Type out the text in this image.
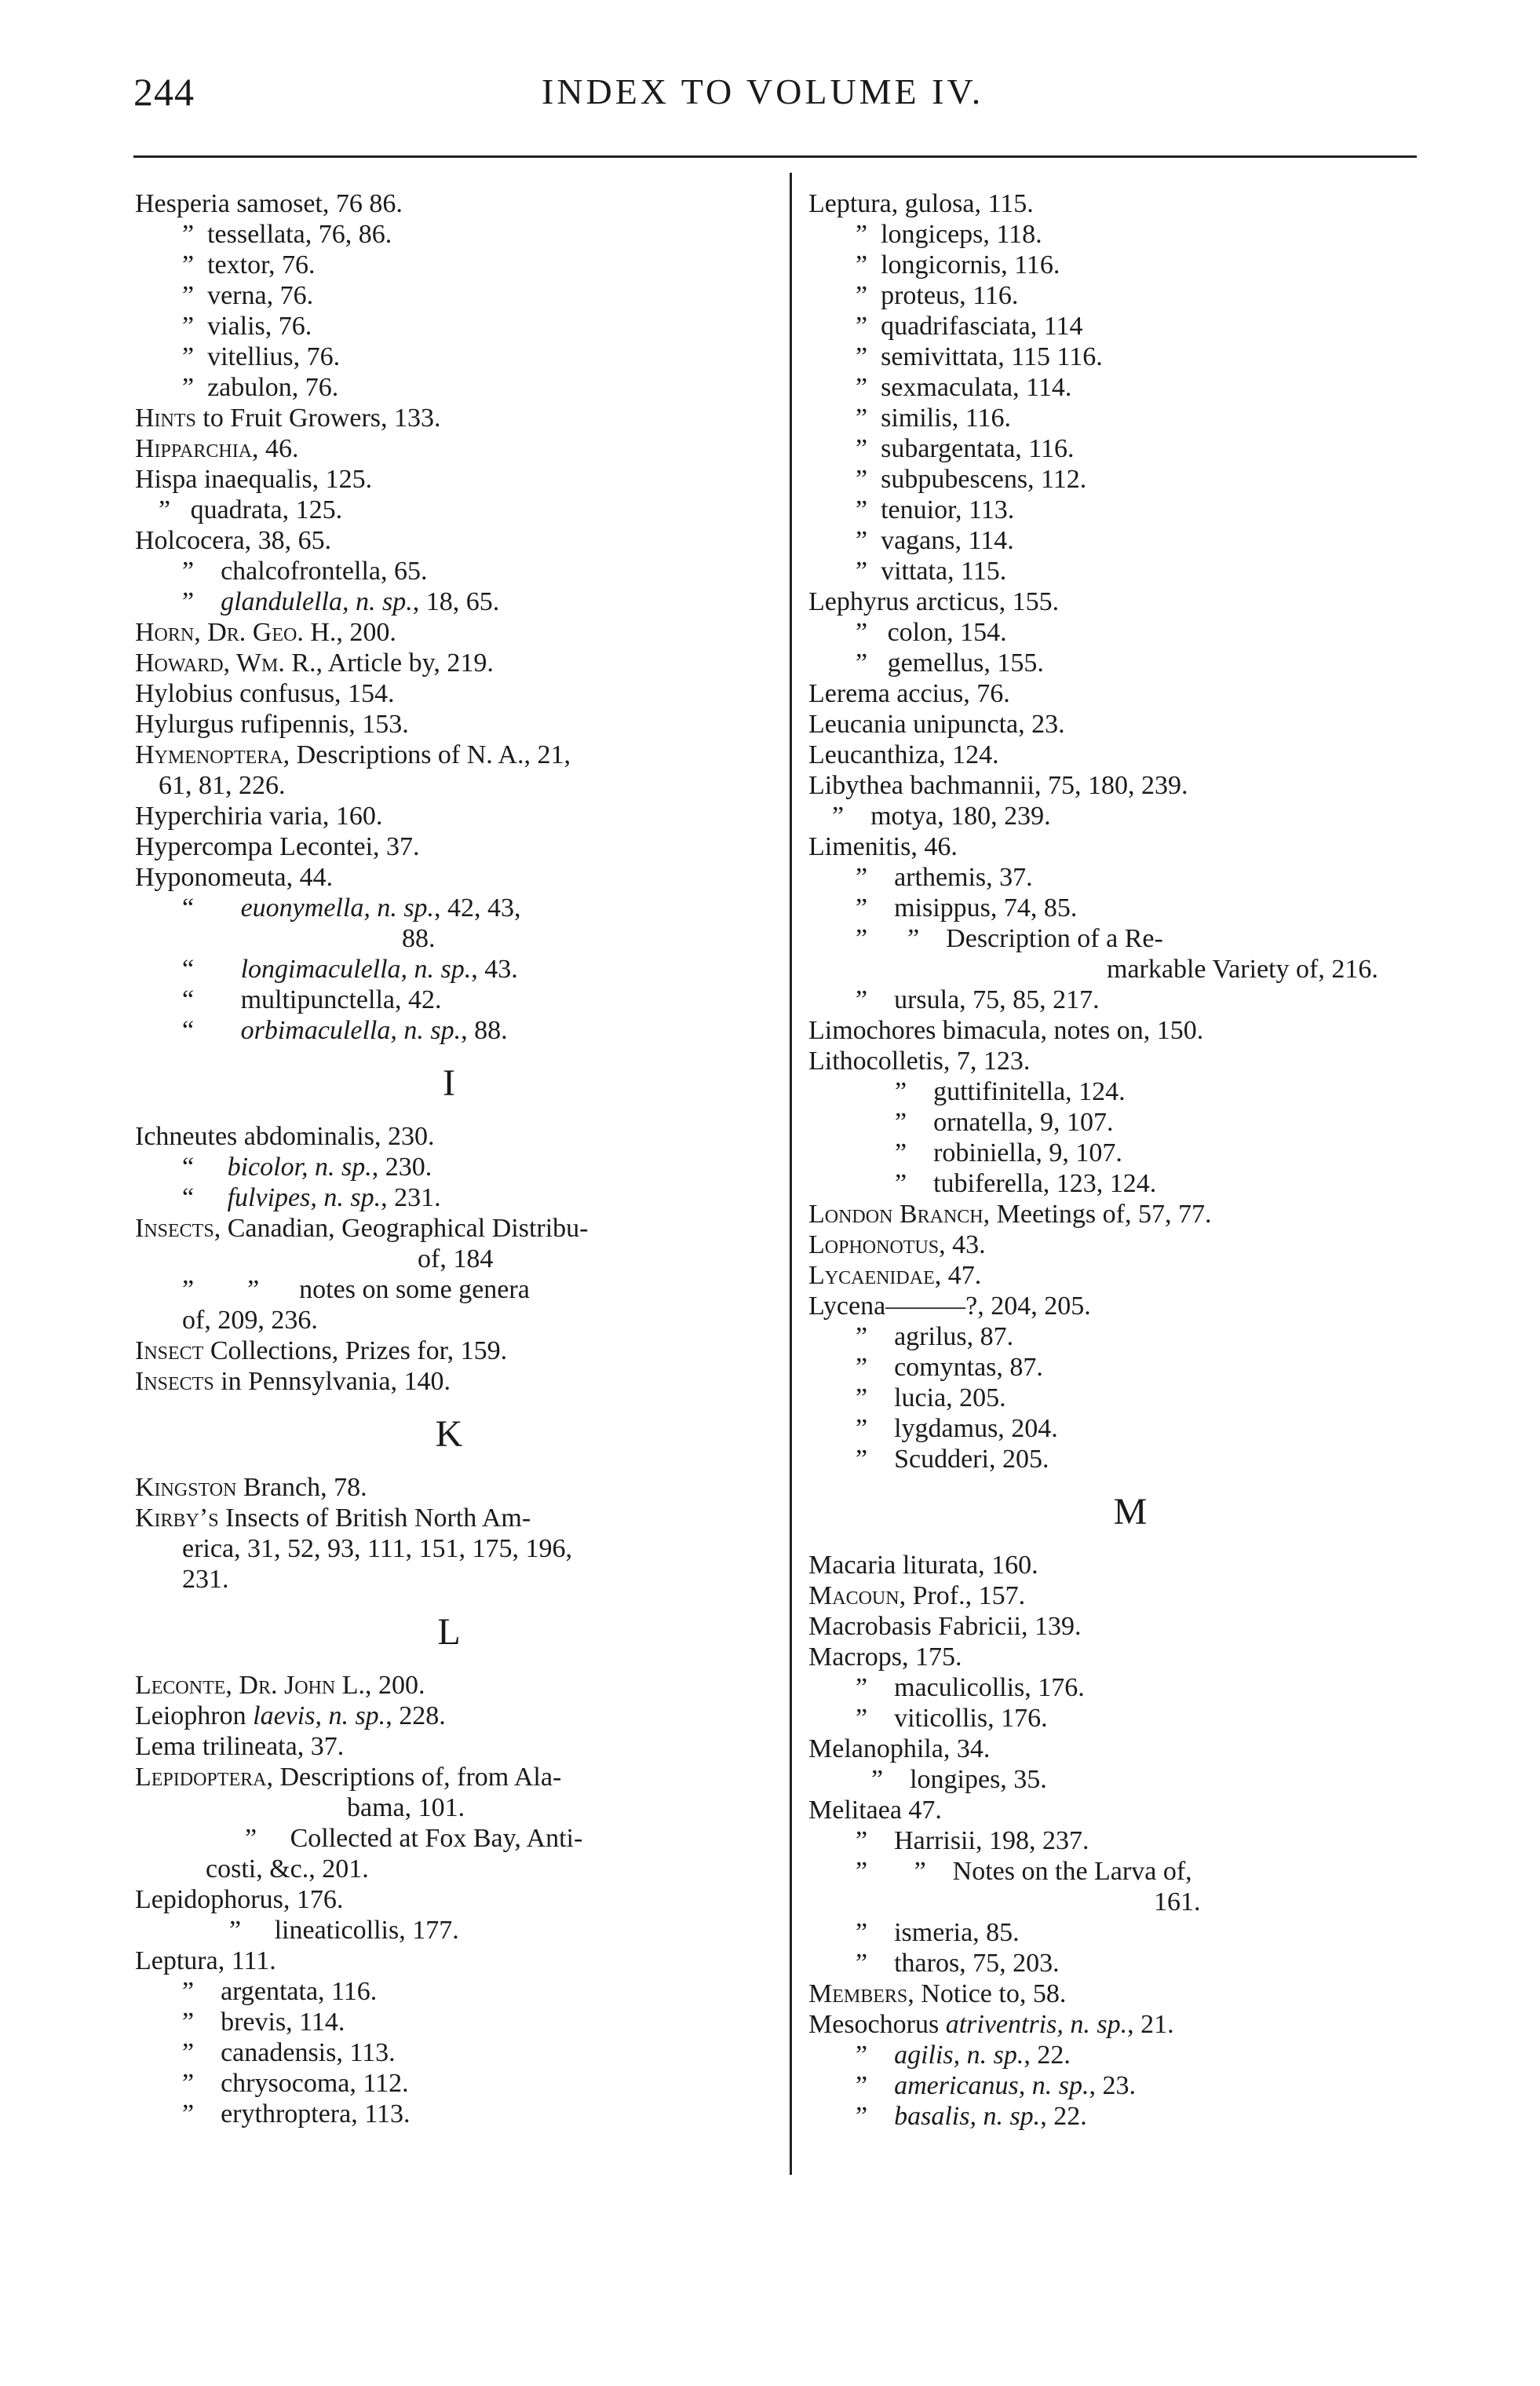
244	INDEX TO VOLUME IV.
Hesperia samoset, 76 86.
”  tessellata, 76, 86.
”  textor, 76.
”  verna, 76.
”  vialis, 76.
”  vitellius, 76.
”  zabulon, 76.
Hints to Fruit Growers, 133.
Hipparchia, 46.
Hispa inaequalis, 125.
”   quadrata, 125.
Holcocera, 38, 65.
”    chalcofrontella, 65.
”    glandulella, n. sp., 18, 65.
Horn, Dr. Geo. H., 200.
Howard, Wm. R., Article by, 219.
Hylobius confusus, 154.
Hylurgus rufipennis, 153.
Hymenoptera, Descriptions of N. A., 21,
61, 81, 226.
Hyperchiria varia, 160.
Hypercompa Lecontei, 37.
Hyponomeuta, 44.
“       euonymella, n. sp., 42, 43,
88.
“       longimaculella, n. sp., 43.
“       multipunctella, 42.
“       orbimaculella, n. sp., 88.
I
Ichneutes abdominalis, 230.
“     bicolor, n. sp., 230.
“     fulvipes, n. sp., 231.
Insects, Canadian, Geographical Distribu-
of, 184
”        ”      notes on some genera
of, 209, 236.
Insect Collections, Prizes for, 159.
Insects in Pennsylvania, 140.
K
Kingston Branch, 78.
Kirby’s Insects of British North Am-
erica, 31, 52, 93, 111, 151, 175, 196,
231.
L
Leconte, Dr. John L., 200.
Leiophron laevis, n. sp., 228.
Lema trilineata, 37.
Lepidoptera, Descriptions of, from Ala-
bama, 101.
”     Collected at Fox Bay, Anti-
costi, &c., 201.
Lepidophorus, 176.
”     lineaticollis, 177.
Leptura, 111.
”    argentata, 116.
”    brevis, 114.
”    canadensis, 113.
”    chrysocoma, 112.
”    erythroptera, 113.
Leptura, gulosa, 115.
”  longiceps, 118.
”  longicornis, 116.
”  proteus, 116.
”  quadrifasciata, 114
”  semivittata, 115 116.
”  sexmaculata, 114.
”  similis, 116.
”  subargentata, 116.
”  subpubescens, 112.
”  tenuior, 113.
”  vagans, 114.
”  vittata, 115.
Lephyrus arcticus, 155.
”   colon, 154.
”   gemellus, 155.
Lerema accius, 76.
Leucania unipuncta, 23.
Leucanthiza, 124.
Libythea bachmannii, 75, 180, 239.
”    motya, 180, 239.
Limenitis, 46.
”    arthemis, 37.
”    misippus, 74, 85.
”      ”    Description of a Re-
markable Variety of, 216.
”    ursula, 75, 85, 217.
Limochores bimacula, notes on, 150.
Lithocolletis, 7, 123.
”    guttifinitella, 124.
”    ornatella, 9, 107.
”    robiniella, 9, 107.
”    tubiferella, 123, 124.
London Branch, Meetings of, 57, 77.
Lophonotus, 43.
Lycaenidae, 47.
Lycena———?, 204, 205.
”    agrilus, 87.
”    comyntas, 87.
”    lucia, 205.
”    lygdamus, 204.
”    Scudderi, 205.
M
Macaria liturata, 160.
Macoun, Prof., 157.
Macrobasis Fabricii, 139.
Macrops, 175.
”    maculicollis, 176.
”    viticollis, 176.
Melanophila, 34.
”    longipes, 35.
Melitaea 47.
”    Harrisii, 198, 237.
”       ”    Notes on the Larva of,
161.
”    ismeria, 85.
”    tharos, 75, 203.
Members, Notice to, 58.
Mesochorus atriventris, n. sp., 21.
”    agilis, n. sp., 22.
”    americanus, n. sp., 23.
”    basalis, n. sp., 22.
